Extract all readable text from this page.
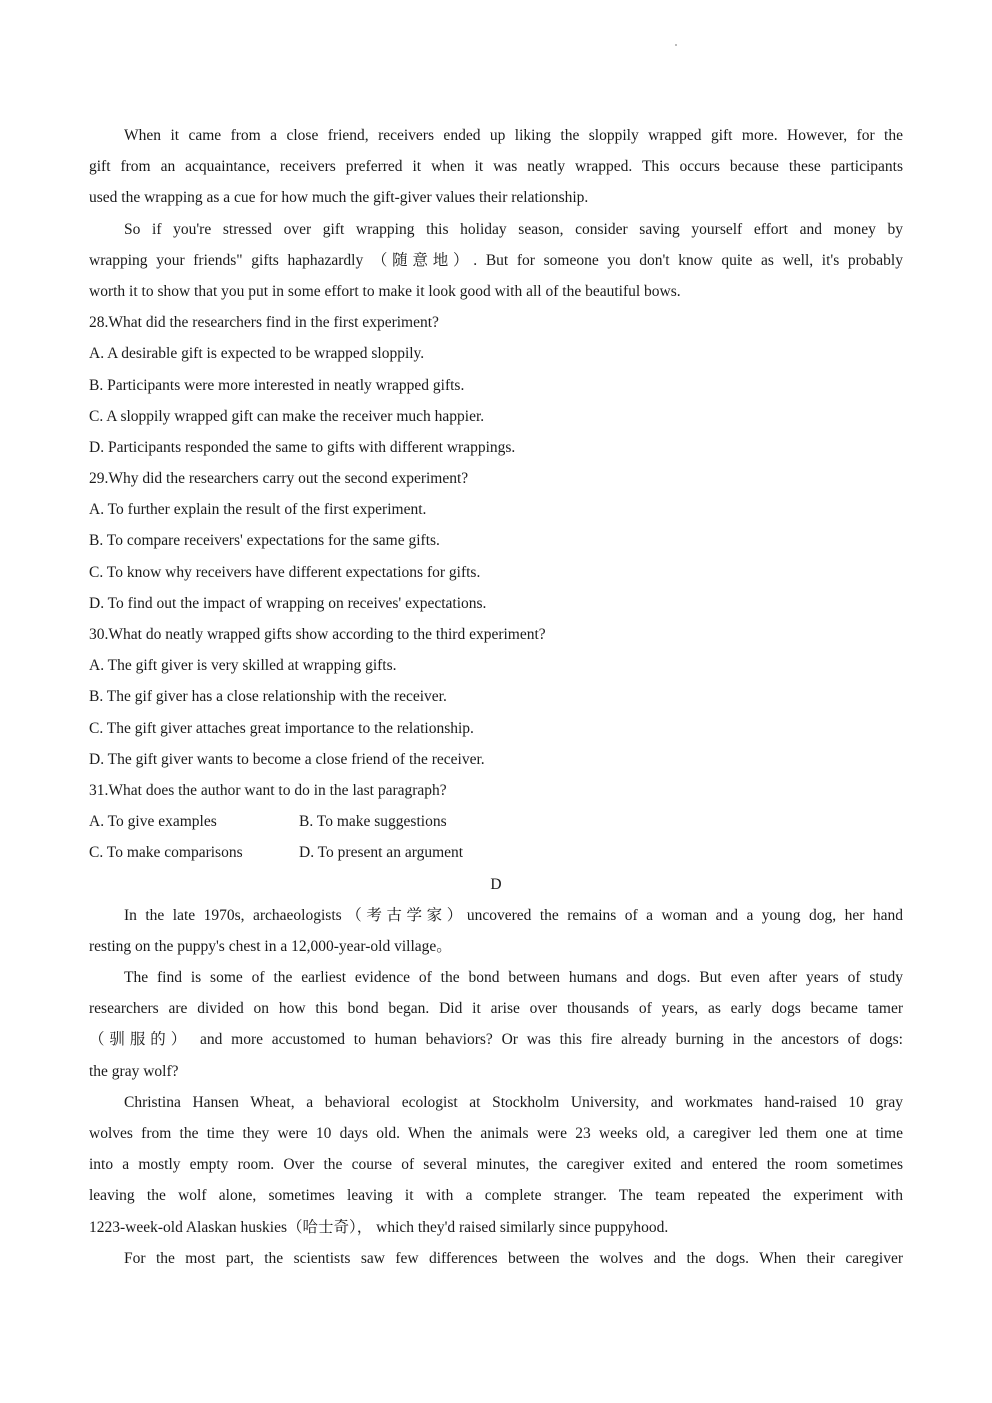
When it came from a close friend, receivers ended up liking the sloppily wrapped gift more. However, for the
gift from an acquaintance, receivers preferred it when it was neatly wrapped. This occurs because these participants
used the wrapping as a cue for how much the gift-giver values their relationship.
So if you're stressed over gift wrapping this holiday season, consider saving yourself effort and money by
wrapping your friends" gifts haphazardly （随意地）. But for someone you don't know quite as well, it's probably
worth it to show that you put in some effort to make it look good with all of the beautiful bows.
28.What did the researchers find in the first experiment?
A. A desirable gift is expected to be wrapped sloppily.
B. Participants were more interested in neatly wrapped gifts.
C. A sloppily wrapped gift can make the receiver much happier.
D. Participants responded the same to gifts with different wrappings.
29.Why did the researchers carry out the second experiment?
A. To further explain the result of the first experiment.
B. To compare receivers' expectations for the same gifts.
C. To know why receivers have different expectations for gifts.
D. To find out the impact of wrapping on receives' expectations.
30.What do neatly wrapped gifts show according to the third experiment?
A. The gift giver is very skilled at wrapping gifts.
B. The gif giver has a close relationship with the receiver.
C. The gift giver attaches great importance to the relationship.
D. The gift giver wants to become a close friend of the receiver.
31.What does the author want to do in the last paragraph?
A. To give examples	B. To make suggestions
C. To make comparisons	D. To present an argument
D
In the late 1970s, archaeologists（考古学家）uncovered the remains of a woman and a young dog, her hand
resting on the puppy's chest in a 12,000-year-old village。
The find is some of the earliest evidence of the bond between humans and dogs. But even after years of study
researchers are divided on how this bond began. Did it arise over thousands of years, as early dogs became tamer
（驯服的） and more accustomed to human behaviors? Or was this fire already burning in the ancestors of dogs:
the gray wolf?
Christina Hansen Wheat, a behavioral ecologist at Stockholm University, and workmates hand-raised 10 gray
wolves from the time they were 10 days old. When the animals were 23 weeks old, a caregiver led them one at time
into a mostly empty room. Over the course of several minutes, the caregiver exited and entered the room sometimes
leaving the wolf alone, sometimes leaving it with a complete stranger. The team repeated the experiment with
1223-week-old Alaskan huskies（哈士奇）， which they'd raised similarly since puppyhood.
For the most part, the scientists saw few differences between the wolves and the dogs. When their caregiver
